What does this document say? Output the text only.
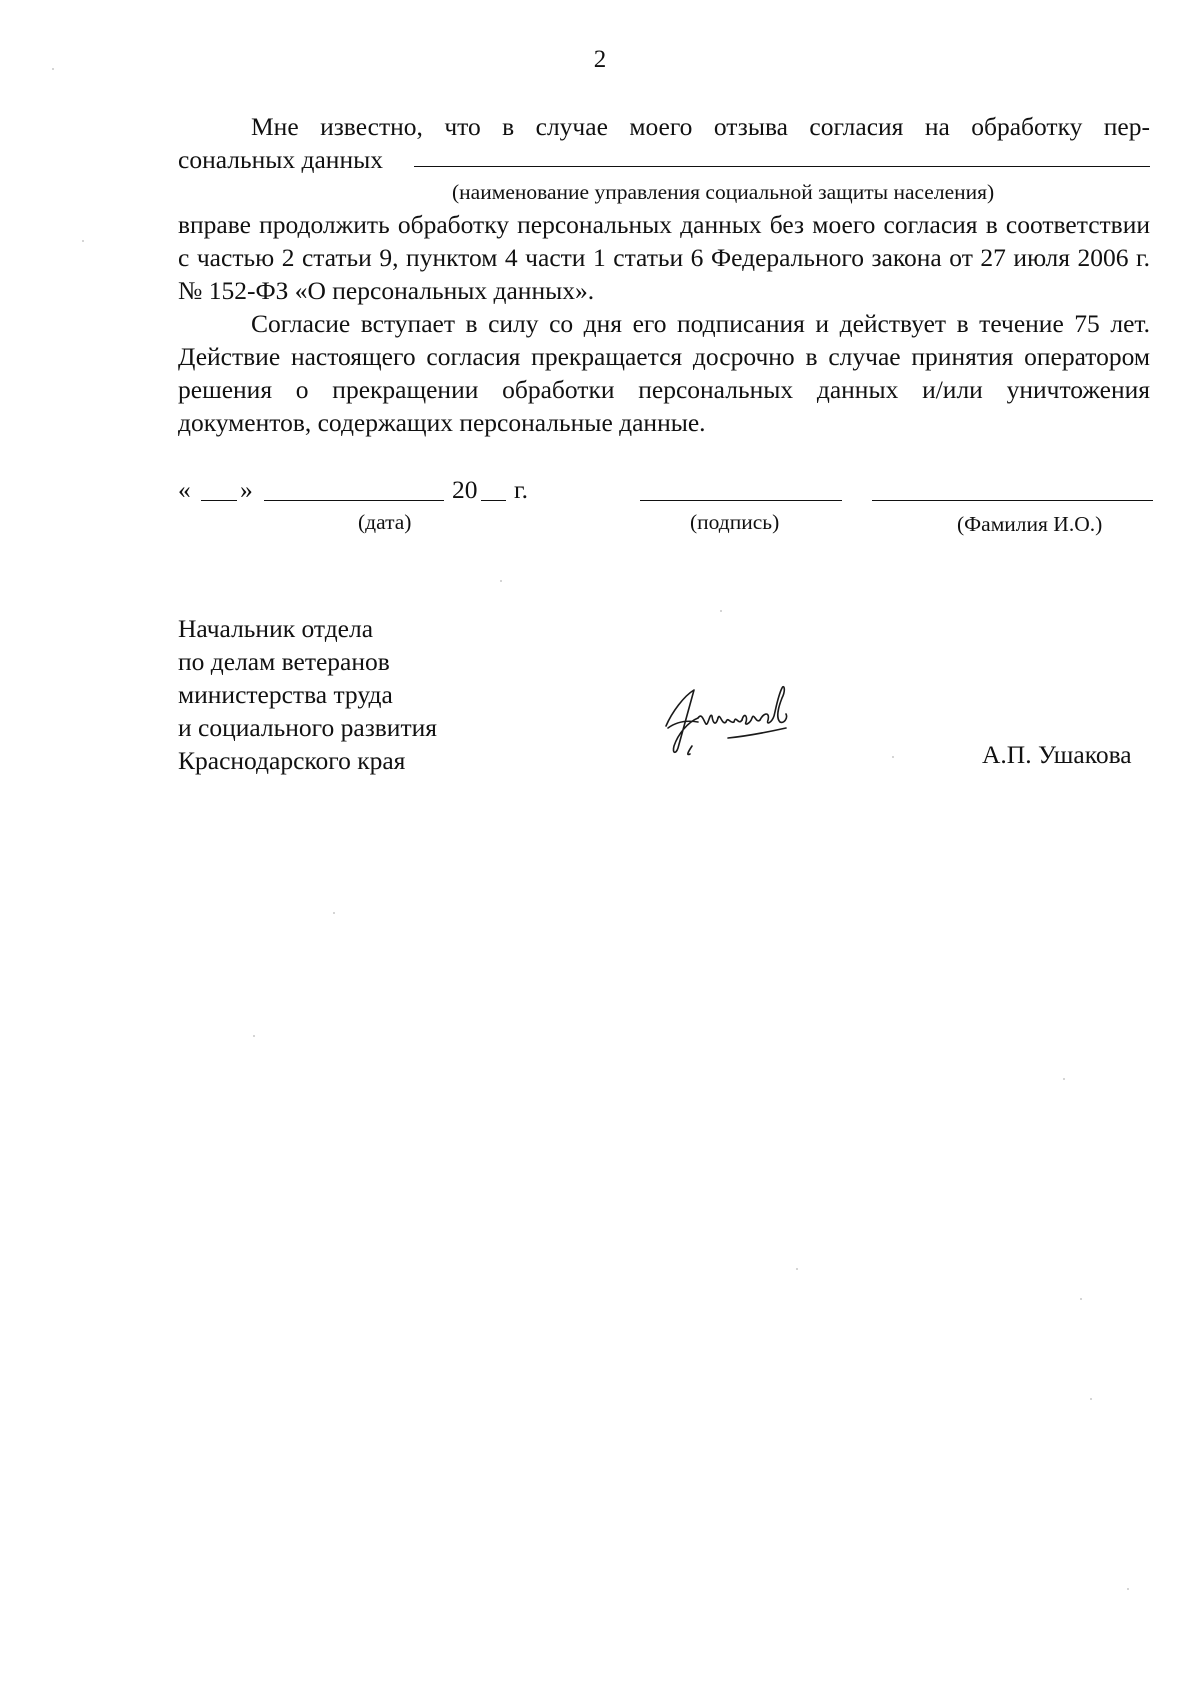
2

Мне известно, что в случае моего отзыва согласия на обработку пер-

сональных данных
(наименование управления социальной защиты населения)

вправе продолжить обработку персональных данных без моего согласия в соответствии с частью 2 статьи 9, пунктом 4 части 1 статьи 6 Федерального закона от 27 июля 2006 г. № 152-ФЗ «О персональных данных».

Согласие вступает в силу со дня его подписания и действует в течение 75 лет. Действие настоящего согласия прекращается досрочно в случае принятия оператором решения о прекращении обработки персональных данных и/или уничтожения документов, содержащих персональные данные.

« »	20 г.
(дата)	(подпись)	(Фамилия И.О.)
Начальник отдела
по делам ветеранов
министерства труда
и социального развития
Краснодарского края	А.П. Ушакова
